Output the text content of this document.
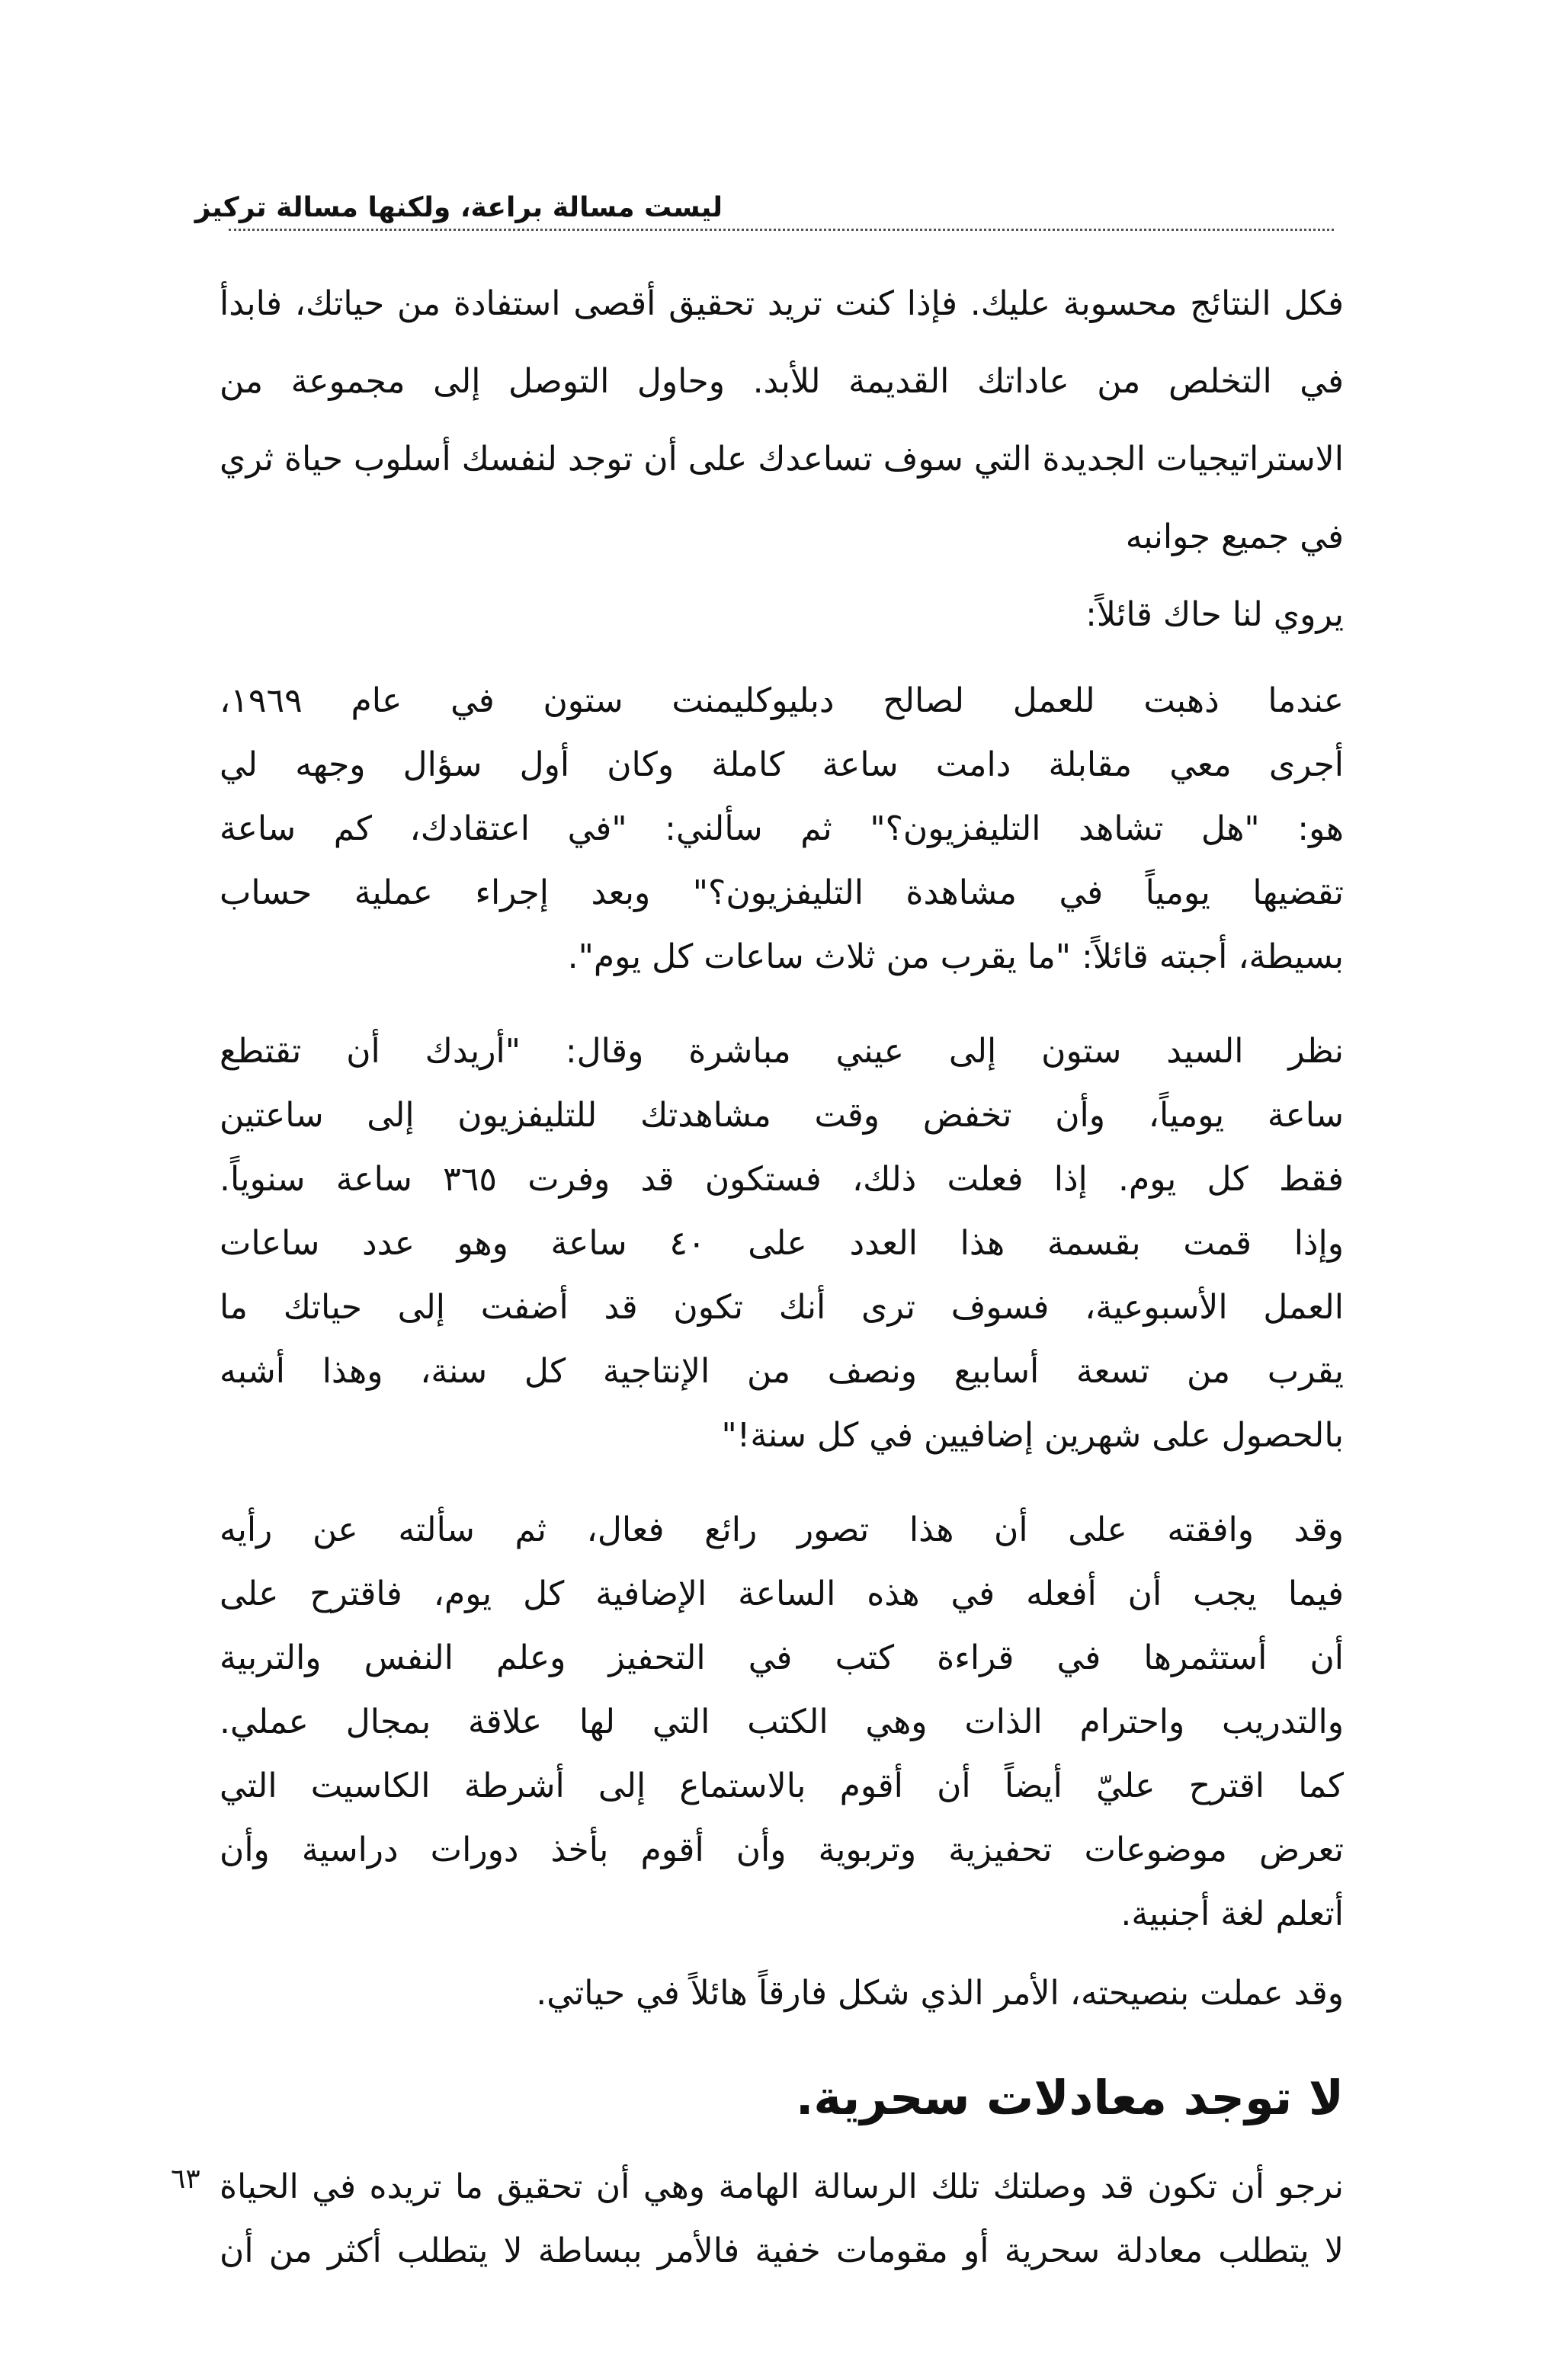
ليست مسالة براعة، ولكنها مسالة تركيز
فكل النتائج محسوبة عليك. فإذا كنت تريد تحقيق أقصى استفادة من حياتك، فابدأ
في التخلص من عاداتك القديمة للأبد. وحاول التوصل إلى مجموعة من
الاستراتيجيات الجديدة التي سوف تساعدك على أن توجد لنفسك أسلوب حياة ثري
في جميع جوانبه
يروي لنا حاك قائلاً:
عندما ذهبت للعمل لصالح دبليوكليمنت ستون في عام ١٩٦٩،
أجرى معي مقابلة دامت ساعة كاملة وكان أول سؤال وجهه لي
هو: "هل تشاهد التليفزيون؟" ثم سألني: "في اعتقادك، كم ساعة
تقضيها يومياً في مشاهدة التليفزيون؟" وبعد إجراء عملية حساب
بسيطة، أجبته قائلاً: "ما يقرب من ثلاث ساعات كل يوم".
نظر السيد ستون إلى عيني مباشرة وقال: "أريدك أن تقتطع
ساعة يومياً، وأن تخفض وقت مشاهدتك للتليفزيون إلى ساعتين
فقط كل يوم. إذا فعلت ذلك، فستكون قد وفرت ٣٦٥ ساعة سنوياً.
وإذا قمت بقسمة هذا العدد على ٤٠ ساعة وهو عدد ساعات
العمل الأسبوعية، فسوف ترى أنك تكون قد أضفت إلى حياتك ما
يقرب من تسعة أسابيع ونصف من الإنتاجية كل سنة، وهذا أشبه
بالحصول على شهرين إضافيين في كل سنة!"
وقد وافقته على أن هذا تصور رائع فعال، ثم سألته عن رأيه
فيما يجب أن أفعله في هذه الساعة الإضافية كل يوم، فاقترح على
أن أستثمرها في قراءة كتب في التحفيز وعلم النفس والتربية
والتدريب واحترام الذات وهي الكتب التي لها علاقة بمجال عملي.
كما اقترح عليّ أيضاً أن أقوم بالاستماع إلى أشرطة الكاسيت التي
تعرض موضوعات تحفيزية وتربوية وأن أقوم بأخذ دورات دراسية وأن
أتعلم لغة أجنبية.
وقد عملت بنصيحته، الأمر الذي شكل فارقاً هائلاً في حياتي.
لا توجد معادلات سحرية.
نرجو أن تكون قد وصلتك تلك الرسالة الهامة وهي أن تحقيق ما تريده في الحياة
لا يتطلب معادلة سحرية أو مقومات خفية فالأمر ببساطة لا يتطلب أكثر من أن
٦٣
